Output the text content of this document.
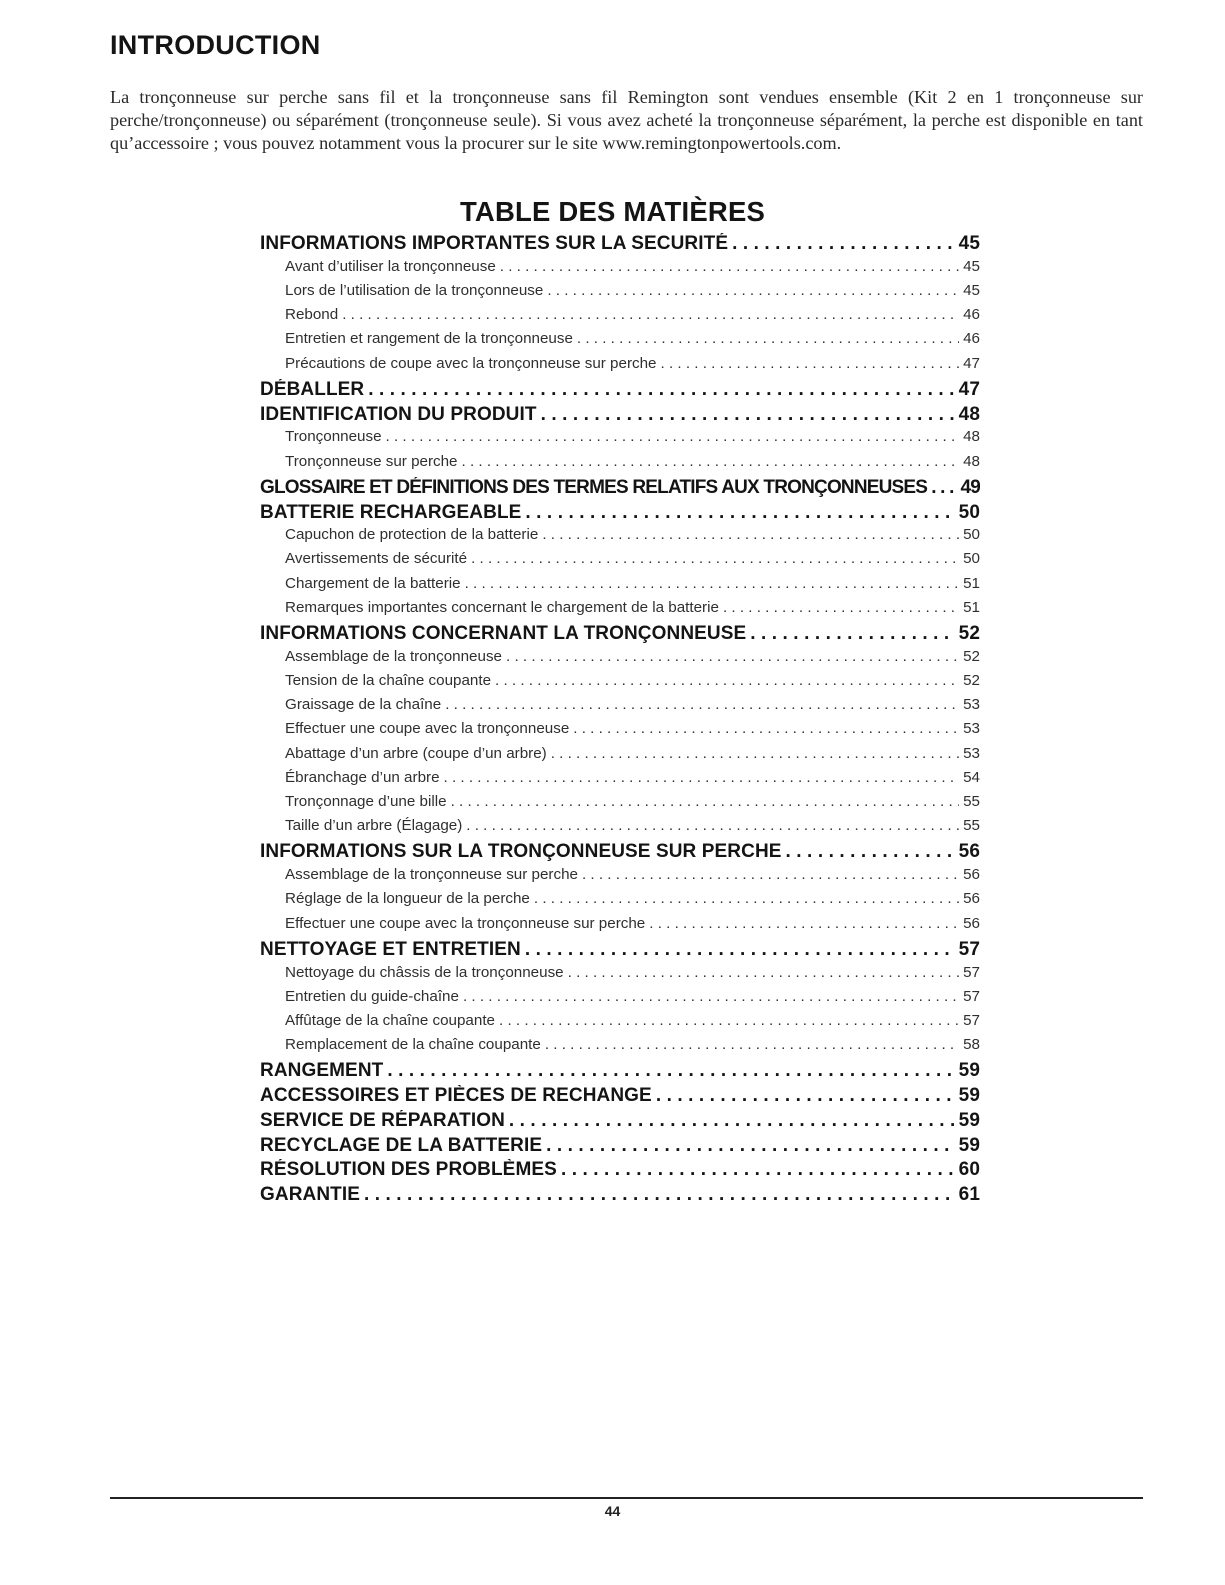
INTRODUCTION

La tronçonneuse sur perche sans fil et la tronçonneuse sans fil Remington sont vendues ensemble (Kit 2 en 1 tronçonneuse sur perche/tronçonneuse) ou séparément (tronçonneuse seule). Si vous avez acheté la tronçonneuse séparément, la perche est disponible en tant qu’accessoire ; vous pouvez notamment vous la procurer sur le site www.remingtonpowertools.com.

TABLE DES MATIÈRES
INFORMATIONS IMPORTANTES SUR LA SECURITÉ . . .	45
Avant d’utiliser la tronçonneuse . . .	45
Lors de l’utilisation de la tronçonneuse . . .	45
Rebond . . .	46
Entretien et rangement de la tronçonneuse . . .	46
Précautions de coupe avec la tronçonneuse sur perche . . .	47
DÉBALLER . . .	47
IDENTIFICATION DU PRODUIT . . .	48
Tronçonneuse . . .	48
Tronçonneuse sur perche . . .	48
GLOSSAIRE ET DÉFINITIONS DES TERMES RELATIFS AUX TRONÇONNEUSES . . . 49
BATTERIE RECHARGEABLE . . .	50
Capuchon de protection de la batterie . . .	50
Avertissements de sécurité . . .	50
Chargement de la batterie . . .	51
Remarques importantes concernant le chargement de la batterie . . .	51
INFORMATIONS CONCERNANT LA TRONÇONNEUSE . . .	52
Assemblage de la tronçonneuse . . .	52
Tension de la chaîne coupante . . .	52
Graissage de la chaîne . . .	53
Effectuer une coupe avec la tronçonneuse . . .	53
Abattage d’un arbre (coupe d’un arbre) . . .	53
Ébranchage d’un arbre . . .	54
Tronçonnage d’une bille . . .	55
Taille d’un arbre (Élagage) . . .	55
INFORMATIONS SUR LA TRONÇONNEUSE SUR PERCHE . . .	56
Assemblage de la tronçonneuse sur perche . . .	56
Réglage de la longueur de la perche . . .	56
Effectuer une coupe avec la tronçonneuse sur perche . . .	56
NETTOYAGE ET ENTRETIEN . . .	57
Nettoyage du châssis de la tronçonneuse . . .	57
Entretien du guide-chaîne . . .	57
Affûtage de la chaîne coupante . . .	57
Remplacement de la chaîne coupante . . .	58
RANGEMENT . . .	59
ACCESSOIRES ET PIÈCES DE RECHANGE . . .	59
SERVICE DE RÉPARATION . . .	59
RECYCLAGE DE LA BATTERIE . . .	59
RÉSOLUTION DES PROBLÈMES . . .	60
GARANTIE . . .	61
44
